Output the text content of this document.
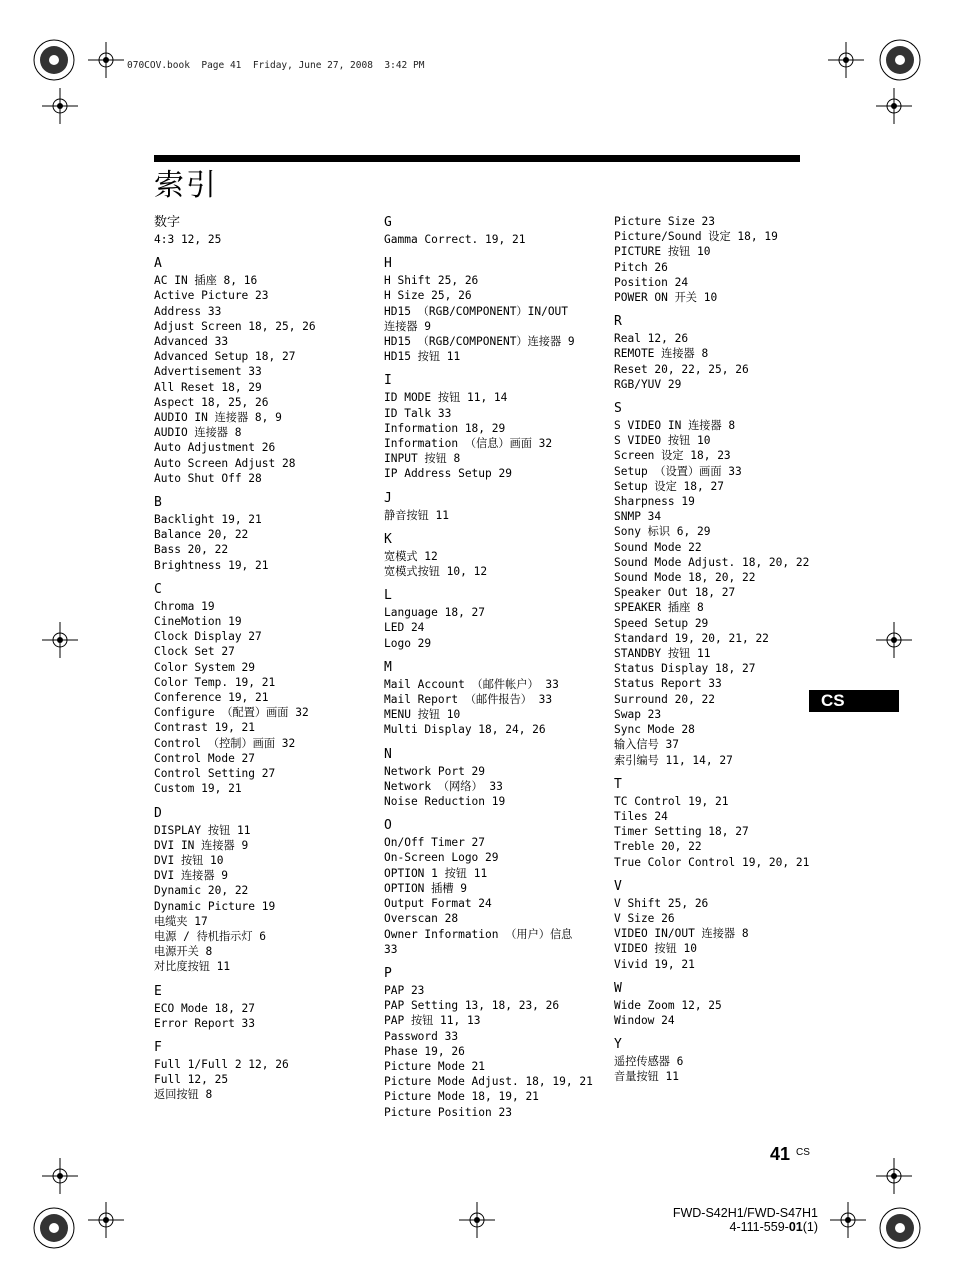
070COV.book  Page 41  Friday, June 27, 2008  3:42 PM
索引
数字
4:3 12, 25
A
AC IN 插座 8, 16
Active Picture 23
Address 33
Adjust Screen 18, 25, 26
Advanced 33
Advanced Setup 18, 27
Advertisement 33
All Reset 18, 29
Aspect 18, 25, 26
AUDIO IN 连接器 8, 9
AUDIO 连接器 8
Auto Adjustment 26
Auto Screen Adjust 28
Auto Shut Off 28
B
Backlight 19, 21
Balance 20, 22
Bass 20, 22
Brightness 19, 21
C
Chroma 19
CineMotion 19
Clock Display 27
Clock Set 27
Color System 29
Color Temp. 19, 21
Conference 19, 21
Configure （配置）画面 32
Contrast 19, 21
Control （控制）画面 32
Control Mode 27
Control Setting 27
Custom 19, 21
D
DISPLAY 按钮 11
DVI IN 连接器 9
DVI 按钮 10
DVI 连接器 9
Dynamic 20, 22
Dynamic Picture 19
电缆夹 17
电源 / 待机指示灯 6
电源开关 8
对比度按钮 11
E
ECO Mode 18, 27
Error Report 33
F
Full 1/Full 2 12, 26
Full 12, 25
返回按钮 8
G
Gamma Correct. 19, 21
H
H Shift 25, 26
H Size 25, 26
HD15 （RGB/COMPONENT）IN/OUT
连接器 9
HD15 （RGB/COMPONENT）连接器 9
HD15 按钮 11
I
ID MODE 按钮 11, 14
ID Talk 33
Information 18, 29
Information （信息）画面 32
INPUT 按钮 8
IP Address Setup 29
J
静音按钮 11
K
宽模式 12
宽模式按钮 10, 12
L
Language 18, 27
LED 24
Logo 29
M
Mail Account （邮件帐户） 33
Mail Report （邮件报告） 33
MENU 按钮 10
Multi Display 18, 24, 26
N
Network Port 29
Network （网络） 33
Noise Reduction 19
O
On/Off Timer 27
On-Screen Logo 29
OPTION 1 按钮 11
OPTION 插槽 9
Output Format 24
Overscan 28
Owner Information （用户）信息
33
P
PAP 23
PAP Setting 13, 18, 23, 26
PAP 按钮 11, 13
Password 33
Phase 19, 26
Picture Mode 21
Picture Mode Adjust. 18, 19, 21
Picture Mode 18, 19, 21
Picture Position 23
Picture Size 23
Picture/Sound 设定 18, 19
PICTURE 按钮 10
Pitch 26
Position 24
POWER ON 开关 10
R
Real 12, 26
REMOTE 连接器 8
Reset 20, 22, 25, 26
RGB/YUV 29
S
S VIDEO IN 连接器 8
S VIDEO 按钮 10
Screen 设定 18, 23
Setup （设置）画面 33
Setup 设定 18, 27
Sharpness 19
SNMP 34
Sony 标识 6, 29
Sound Mode 22
Sound Mode Adjust. 18, 20, 22
Sound Mode 18, 20, 22
Speaker Out 18, 27
SPEAKER 插座 8
Speed Setup 29
Standard 19, 20, 21, 22
STANDBY 按钮 11
Status Display 18, 27
Status Report 33
Surround 20, 22
Swap 23
Sync Mode 28
输入信号 37
索引编号 11, 14, 27
T
TC Control 19, 21
Tiles 24
Timer Setting 18, 27
Treble 20, 22
True Color Control 19, 20, 21
V
V Shift 25, 26
V Size 26
VIDEO IN/OUT 连接器 8
VIDEO 按钮 10
Vivid 19, 21
W
Wide Zoom 12, 25
Window 24
Y
遥控传感器 6
音量按钮 11
CS
41 CS
FWD-S42H1/FWD-S47H1
4-111-559-01(1)
